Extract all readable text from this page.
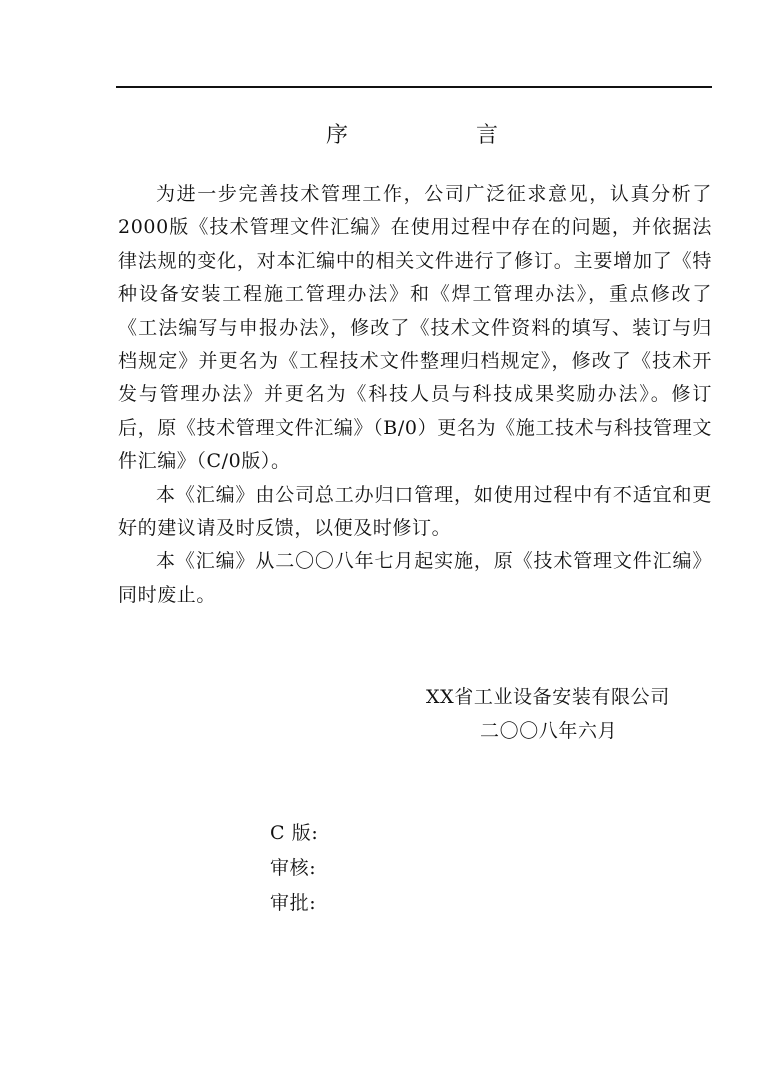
序	言

为进一步完善技术管理工作，公司广泛征求意见，认真分析了2000版《技术管理文件汇编》在使用过程中存在的问题，并依据法律法规的变化，对本汇编中的相关文件进行了修订。主要增加了《特种设备安装工程施工管理办法》和《焊工管理办法》，重点修改了《工法编写与申报办法》，修改了《技术文件资料的填写、装订与归档规定》并更名为《工程技术文件整理归档规定》，修改了《技术开发与管理办法》并更名为《科技人员与科技成果奖励办法》。修订后，原《技术管理文件汇编》（B/0）更名为《施工技术与科技管理文件汇编》（C/0版）。

本《汇编》由公司总工办归口管理，如使用过程中有不适宜和更好的建议请及时反馈，以便及时修订。

本《汇编》从二〇〇八年七月起实施，原《技术管理文件汇编》同时废止。

XX省工业设备安装有限公司
二〇〇八年六月
C 版:
审核:
审批:
